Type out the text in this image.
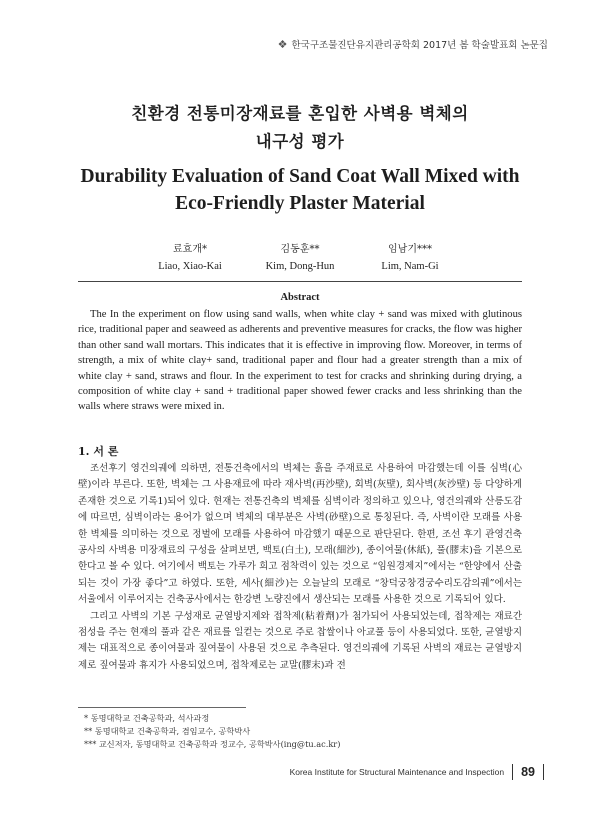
❖ 한국구조물진단유지관리공학회 2017년 봄 학술발표회 논문집
친환경 전통미장재료를 혼입한 사벽용 벽체의
내구성 평가
Durability Evaluation of Sand Coat Wall Mixed with
Eco-Friendly Plaster Material
료효개*
Liao, Xiao-Kai
김동훈**
Kim, Dong-Hun
임남기***
Lim, Nam-Gi
Abstract

The In the experiment on flow using sand walls, when white clay + sand was mixed with glutinous rice, traditional paper and seaweed as adherents and preventive measures for cracks, the flow was higher than other sand wall mortars. This indicates that it is effective in improving flow. Moreover, in terms of strength, a mix of white clay+ sand, traditional paper and flour had a greater strength than a mix of white clay + sand, straws and flour. In the experiment to test for cracks and shrinking during drying, a composition of white clay + sand + traditional paper showed fewer cracks and less shrinking than the walls where straws were mixed in.

1. 서 론

조선후기 영건의궤에 의하면, 전통건축에서의 벽체는 흙을 주재료로 사용하여 마감했는데 이를 심벽(心壁)이라 부른다. 또한, 벽체는 그 사용재료에 따라 재사벽(再沙壁), 회벽(灰壁), 회사벽(灰沙壁) 등 다양하게 존재한 것으로 기록1)되어 있다. 현재는 전통건축의 벽체를 심벽이라 정의하고 있으나, 영건의궤와 산릉도감에 따르면, 심벽이라는 용어가 없으며 벽체의 대부분은 사벽(砂壁)으로 통칭된다. 즉, 사벽이란 모래를 사용한 벽체를 의미하는 것으로 정벌에 모래를 사용하여 마감했기 때문으로 판단된다. 한편, 조선 후기 관영건축공사의 사벽용 미장재료의 구성을 살펴보면, 백토(白土), 모래(細沙), 종이여물(休紙), 풀(膠末)을 기본으로 한다고 볼 수 있다. 여기에서 백토는 가루가 희고 점착력이 있는 것으로 “임원경제지”에서는 “한양에서 산출되는 것이 가장 좋다”고 하였다. 또한, 세사(細沙)는 오늘날의 모래로 “창덕궁창경궁수리도감의궤”에서는 서울에서 이루어지는 건축공사에서는 한강변 노량진에서 생산되는 모래를 사용한 것으로 기록되어 있다.

그리고 사벽의 기본 구성재로 균열방지제와 접착제(粘着劑)가 첨가되어 사용되었는데, 접착제는 재료간 점성을 주는 현재의 풀과 같은 재료를 일컫는 것으로 주로 찹쌀이나 아교풀 등이 사용되었다. 또한, 균열방지제는 대표적으로 종이여물과 짚여물이 사용된 것으로 추측된다. 영건의궤에 기록된 사벽의 재료는 균열방지제로 짚여물과 휴지가 사용되었으며, 접착제로는 교말(膠末)과 전

* 동명대학교 건축공학과, 석사과정
** 동명대학교 건축공학과, 겸임교수, 공학박사
*** 교신저자, 동명대학교 건축공학과 정교수, 공학박사(ing@tu.ac.kr)
Korea Institute for Structural Maintenance and Inspection 89
